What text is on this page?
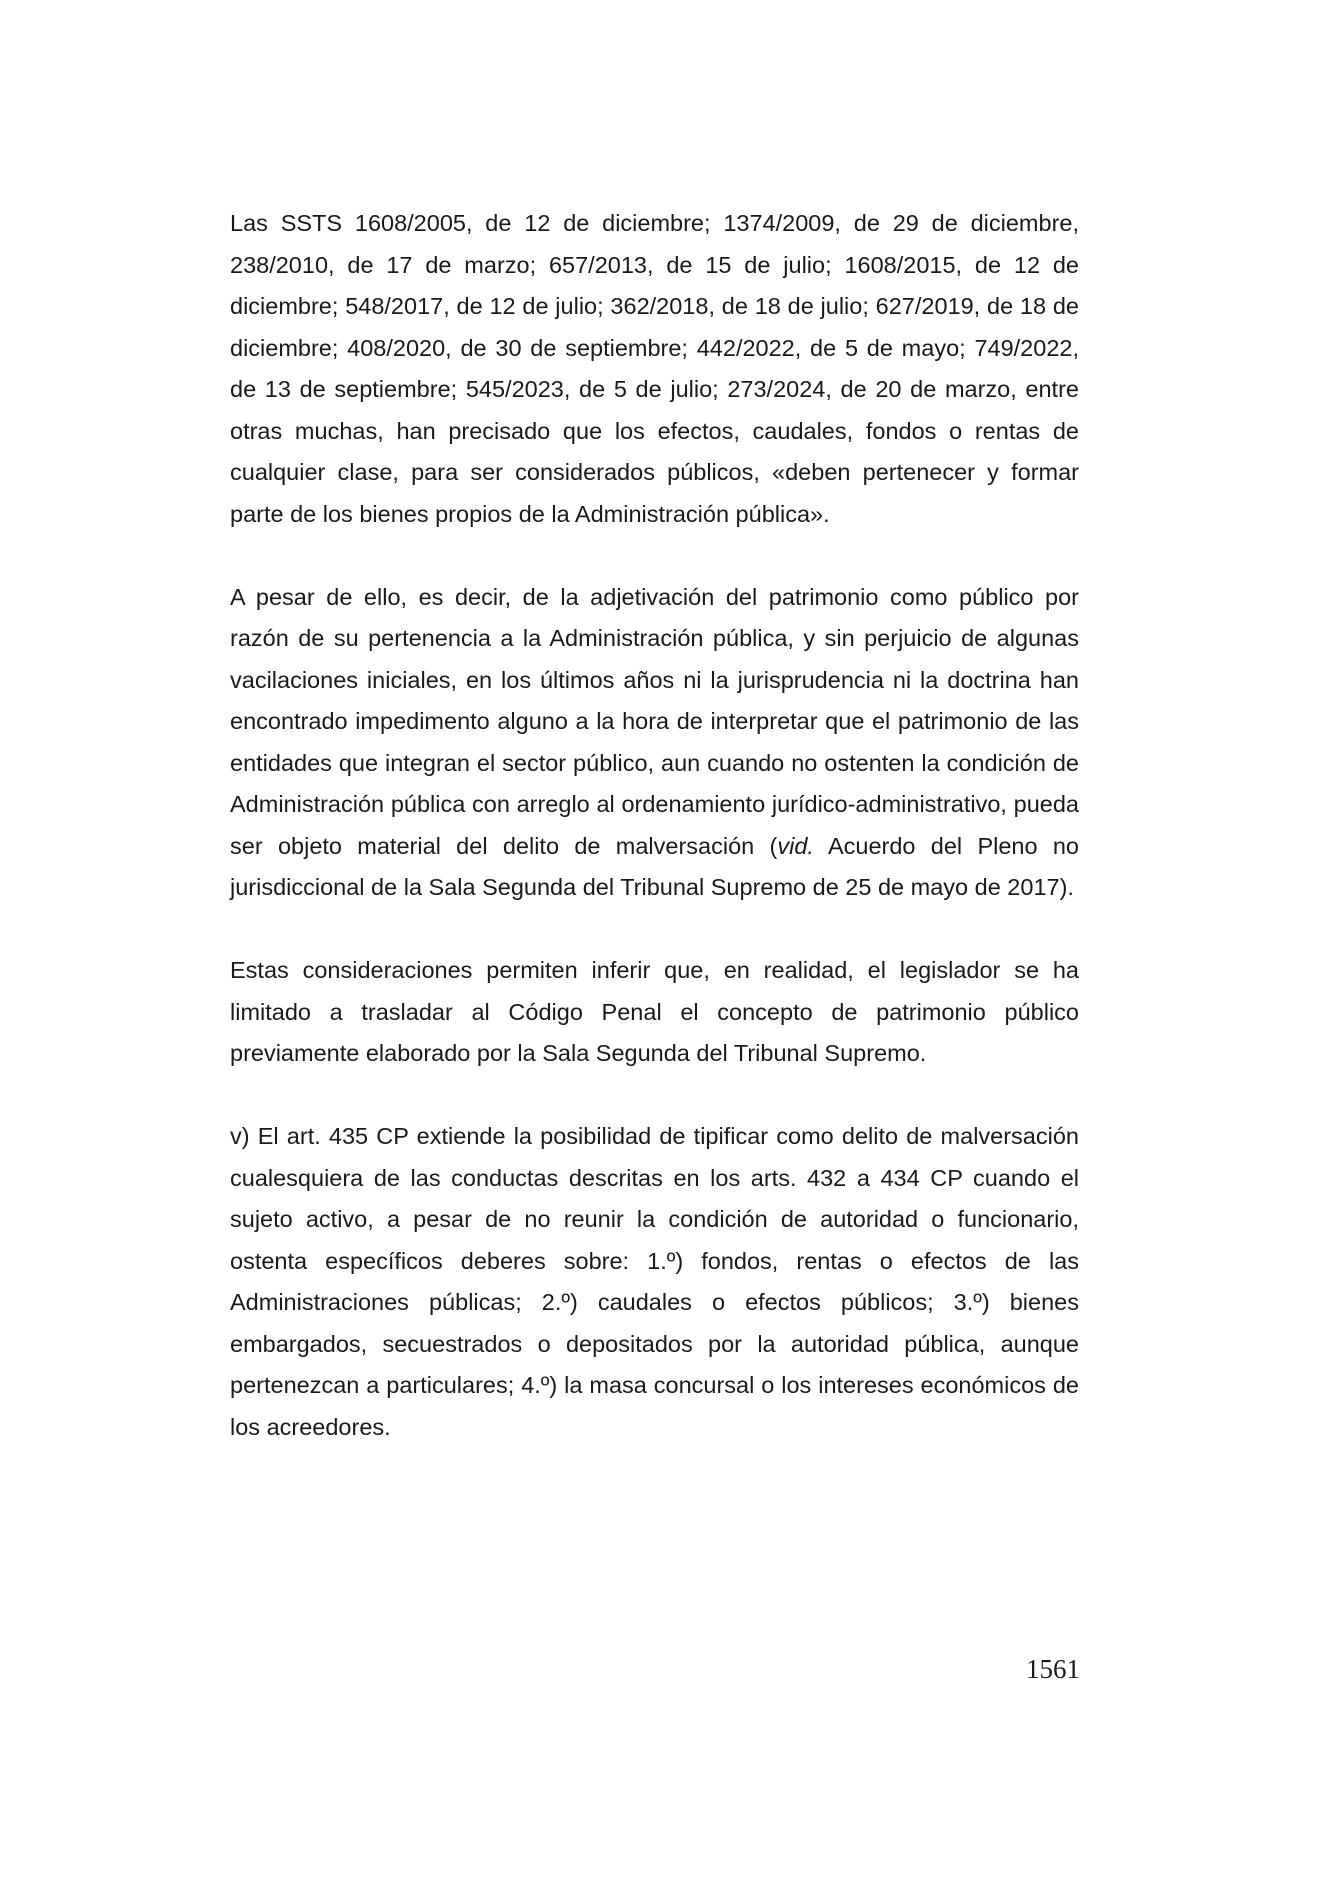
Las SSTS 1608/2005, de 12 de diciembre; 1374/2009, de 29 de diciembre, 238/2010, de 17 de marzo; 657/2013, de 15 de julio; 1608/2015, de 12 de diciembre; 548/2017, de 12 de julio; 362/2018, de 18 de julio; 627/2019, de 18 de diciembre; 408/2020, de 30 de septiembre; 442/2022, de 5 de mayo; 749/2022, de 13 de septiembre; 545/2023, de 5 de julio; 273/2024, de 20 de marzo, entre otras muchas, han precisado que los efectos, caudales, fondos o rentas de cualquier clase, para ser considerados públicos, «deben pertenecer y formar parte de los bienes propios de la Administración pública».

A pesar de ello, es decir, de la adjetivación del patrimonio como público por razón de su pertenencia a la Administración pública, y sin perjuicio de algunas vacilaciones iniciales, en los últimos años ni la jurisprudencia ni la doctrina han encontrado impedimento alguno a la hora de interpretar que el patrimonio de las entidades que integran el sector público, aun cuando no ostenten la condición de Administración pública con arreglo al ordenamiento jurídico-administrativo, pueda ser objeto material del delito de malversación (vid. Acuerdo del Pleno no jurisdiccional de la Sala Segunda del Tribunal Supremo de 25 de mayo de 2017).

Estas consideraciones permiten inferir que, en realidad, el legislador se ha limitado a trasladar al Código Penal el concepto de patrimonio público previamente elaborado por la Sala Segunda del Tribunal Supremo.

v) El art. 435 CP extiende la posibilidad de tipificar como delito de malversación cualesquiera de las conductas descritas en los arts. 432 a 434 CP cuando el sujeto activo, a pesar de no reunir la condición de autoridad o funcionario, ostenta específicos deberes sobre: 1.º) fondos, rentas o efectos de las Administraciones públicas; 2.º) caudales o efectos públicos; 3.º) bienes embargados, secuestrados o depositados por la autoridad pública, aunque pertenezcan a particulares; 4.º) la masa concursal o los intereses económicos de los acreedores.

1561
